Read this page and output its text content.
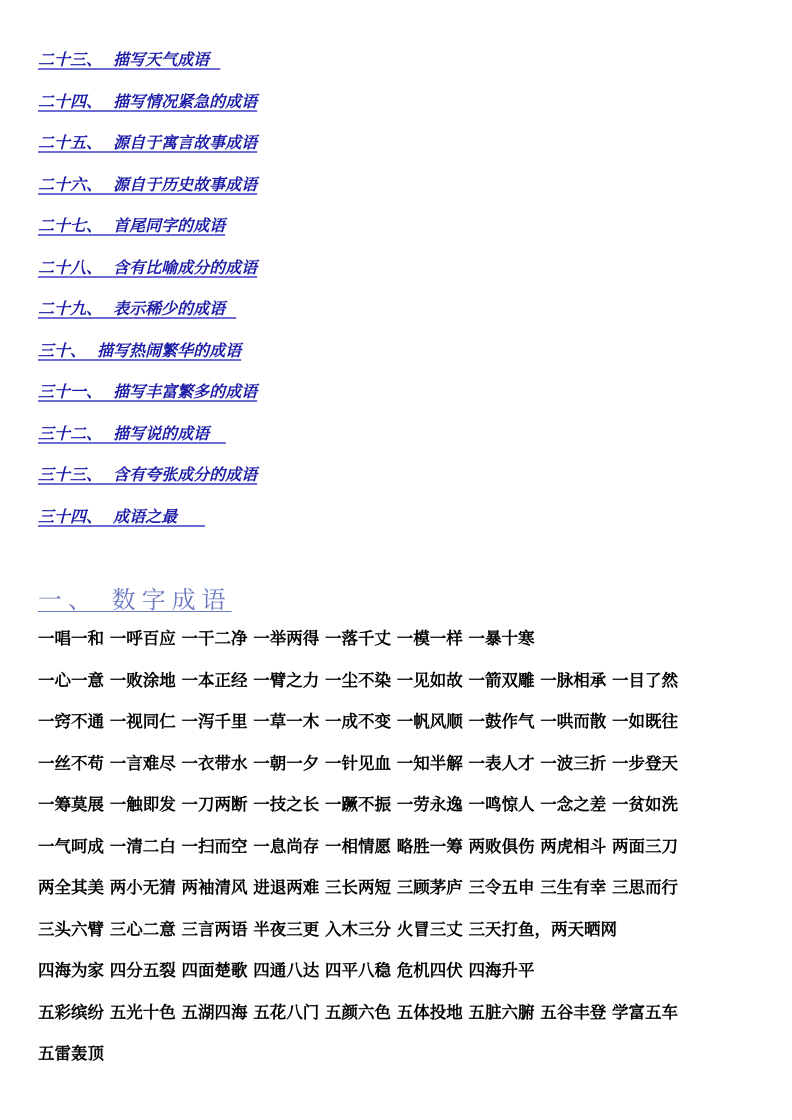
二十三、  描写天气成语
二十四、  描写情况紧急的成语
二十五、  源自于寓言故事成语
二十六、  源自于历史故事成语
二十七、  首尾同字的成语
二十八、  含有比喻成分的成语
二十九、  表示稀少的成语
三十、  描写热闹繁华的成语
三十一、  描写丰富繁多的成语
三十二、  描写说的成语
三十三、  含有夸张成分的成语
三十四、  成语之最
一、 数字成语
一唱一和 一呼百应 一干二净 一举两得 一落千丈 一模一样 一暴十寒
一心一意 一败涂地 一本正经 一臂之力 一尘不染 一见如故 一箭双雕 一脉相承 一目了然
一窍不通 一视同仁 一泻千里 一草一木 一成不变 一帆风顺 一鼓作气 一哄而散 一如既往
一丝不苟 一言难尽 一衣带水 一朝一夕 一针见血 一知半解 一表人才 一波三折 一步登天
一筹莫展 一触即发 一刀两断 一技之长 一蹶不振 一劳永逸 一鸣惊人 一念之差 一贫如洗
一气呵成 一清二白 一扫而空 一息尚存 一相情愿 略胜一筹 两败俱伤 两虎相斗 两面三刀
两全其美 两小无猜 两袖清风 进退两难 三长两短 三顾茅庐 三令五申 三生有幸 三思而行
三头六臂 三心二意 三言两语 半夜三更 入木三分 火冒三丈 三天打鱼，两天晒网
四海为家 四分五裂 四面楚歌 四通八达 四平八稳 危机四伏 四海升平
五彩缤纷 五光十色 五湖四海 五花八门 五颜六色 五体投地 五脏六腑 五谷丰登 学富五车
五雷轰顶
